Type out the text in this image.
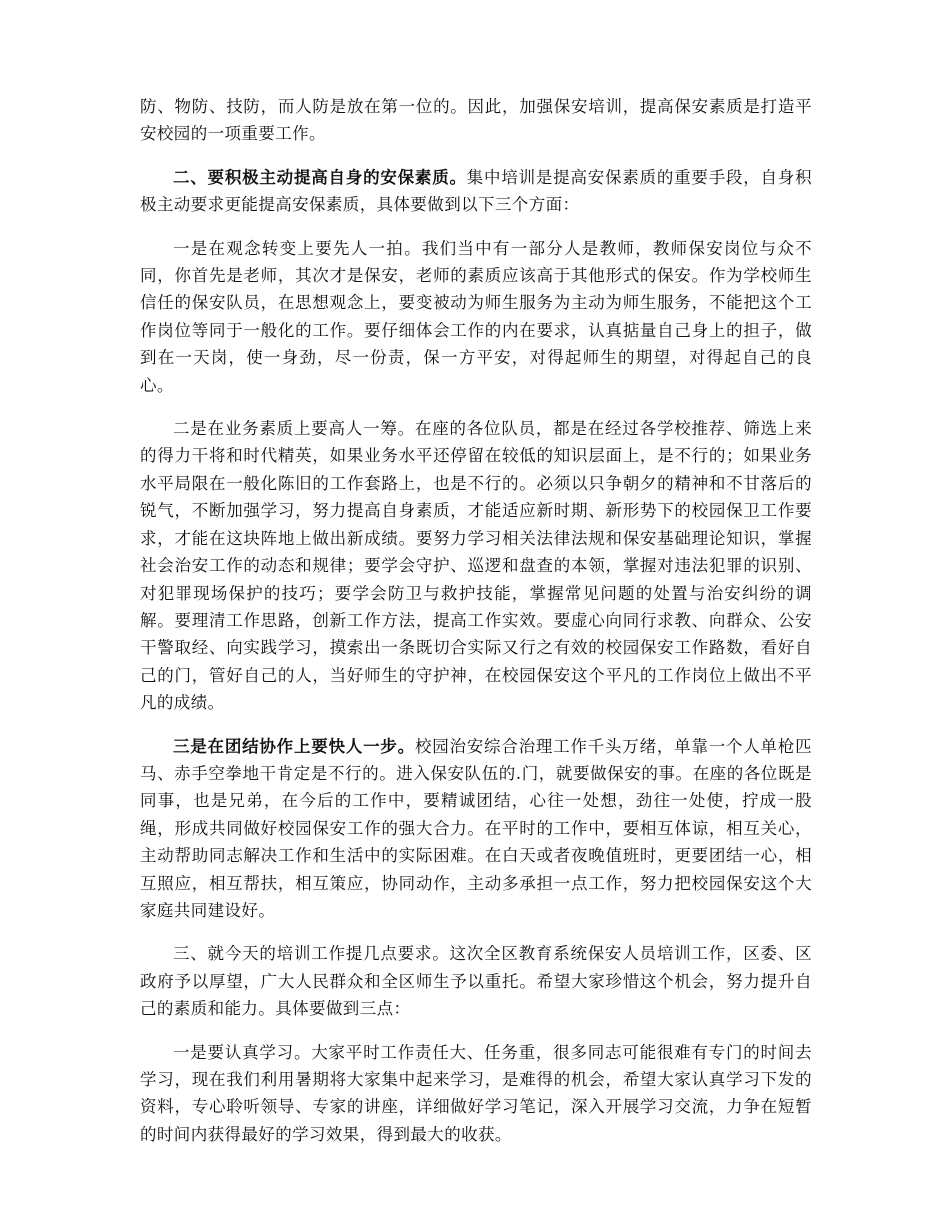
防、物防、技防，而人防是放在第一位的。因此，加强保安培训，提高保安素质是打造平安校园的一项重要工作。

二、要积极主动提高自身的安保素质。集中培训是提高安保素质的重要手段，自身积极主动要求更能提高安保素质，具体要做到以下三个方面：

一是在观念转变上要先人一拍。我们当中有一部分人是教师，教师保安岗位与众不同，你首先是老师，其次才是保安，老师的素质应该高于其他形式的保安。作为学校师生信任的保安队员，在思想观念上，要变被动为师生服务为主动为师生服务，不能把这个工作岗位等同于一般化的工作。要仔细体会工作的内在要求，认真掂量自己身上的担子，做到在一天岗，使一身劲，尽一份责，保一方平安，对得起师生的期望，对得起自己的良心。

二是在业务素质上要高人一筹。在座的各位队员，都是在经过各学校推荐、筛选上来的得力干将和时代精英，如果业务水平还停留在较低的知识层面上，是不行的；如果业务水平局限在一般化陈旧的工作套路上，也是不行的。必须以只争朝夕的精神和不甘落后的锐气，不断加强学习，努力提高自身素质，才能适应新时期、新形势下的校园保卫工作要求，才能在这块阵地上做出新成绩。要努力学习相关法律法规和保安基础理论知识，掌握社会治安工作的动态和规律；要学会守护、巡逻和盘查的本领，掌握对违法犯罪的识别、对犯罪现场保护的技巧；要学会防卫与救护技能，掌握常见问题的处置与治安纠纷的调解。要理清工作思路，创新工作方法，提高工作实效。要虚心向同行求教、向群众、公安干警取经、向实践学习，摸索出一条既切合实际又行之有效的校园保安工作路数，看好自己的门，管好自己的人，当好师生的守护神，在校园保安这个平凡的工作岗位上做出不平凡的成绩。

三是在团结协作上要快人一步。校园治安综合治理工作千头万绪，单靠一个人单枪匹马、赤手空拳地干肯定是不行的。进入保安队伍的.门，就要做保安的事。在座的各位既是同事，也是兄弟，在今后的工作中，要精诚团结，心往一处想，劲往一处使，拧成一股绳，形成共同做好校园保安工作的强大合力。在平时的工作中，要相互体谅，相互关心，主动帮助同志解决工作和生活中的实际困难。在白天或者夜晚值班时，更要团结一心，相互照应，相互帮扶，相互策应，协同动作，主动多承担一点工作，努力把校园保安这个大家庭共同建设好。

三、就今天的培训工作提几点要求。这次全区教育系统保安人员培训工作，区委、区政府予以厚望，广大人民群众和全区师生予以重托。希望大家珍惜这个机会，努力提升自己的素质和能力。具体要做到三点：

一是要认真学习。大家平时工作责任大、任务重，很多同志可能很难有专门的时间去学习，现在我们利用暑期将大家集中起来学习，是难得的机会，希望大家认真学习下发的资料，专心聆听领导、专家的讲座，详细做好学习笔记，深入开展学习交流，力争在短暂的时间内获得最好的学习效果，得到最大的收获。
